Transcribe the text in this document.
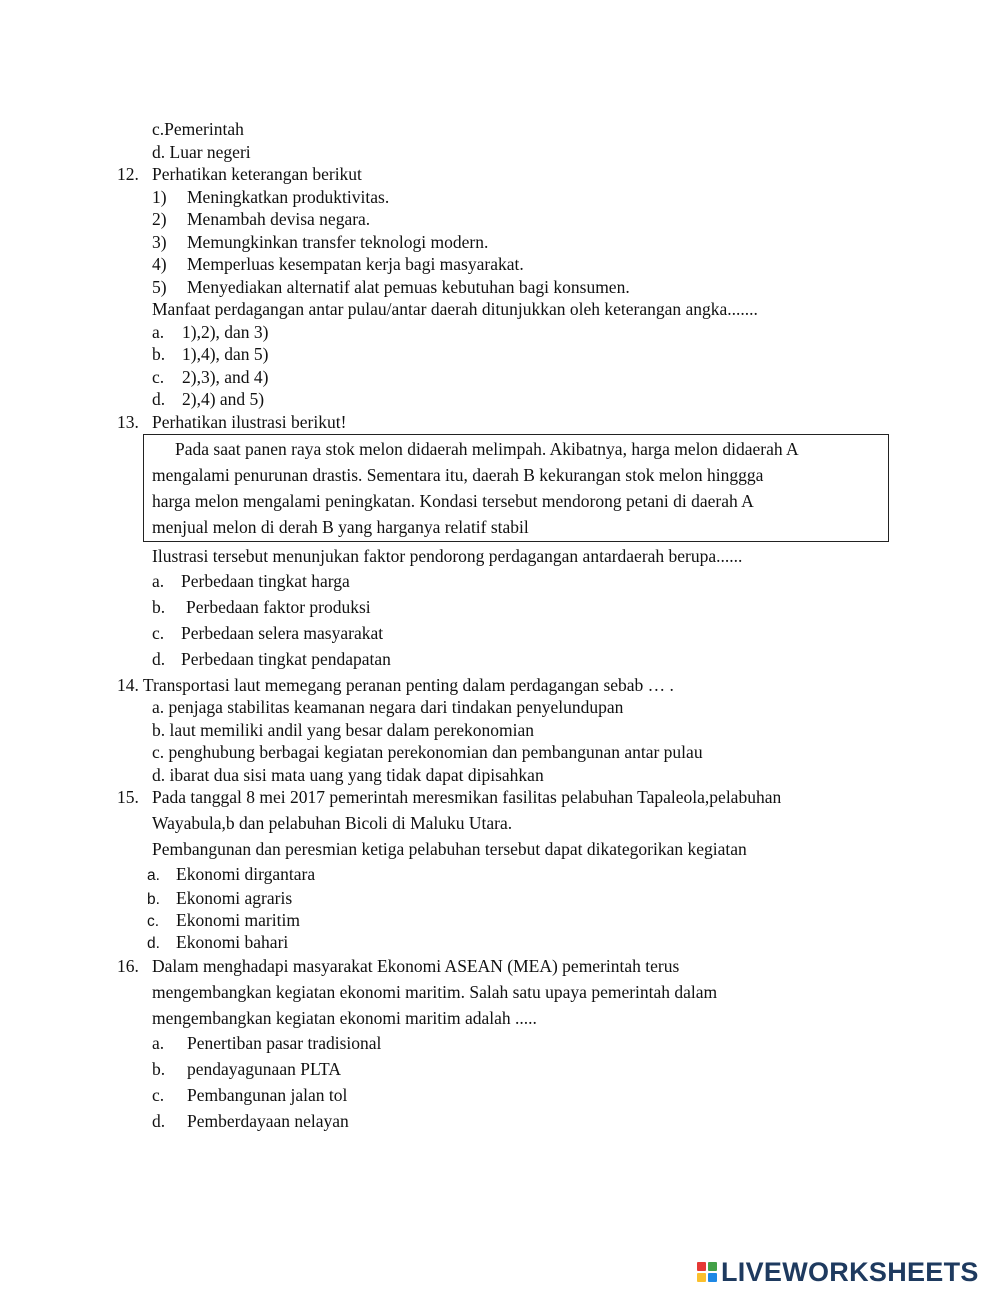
c.Pemerintah
d. Luar negeri
12. Perhatikan keterangan berikut
1) Meningkatkan produktivitas.
2) Menambah devisa negara.
3) Memungkinkan transfer teknologi modern.
4) Memperluas kesempatan kerja bagi masyarakat.
5) Menyediakan alternatif alat pemuas kebutuhan bagi konsumen.
Manfaat perdagangan antar pulau/antar daerah ditunjukkan oleh keterangan angka.......
a. 1),2), dan 3)
b. 1),4), dan 5)
c. 2),3), and 4)
d. 2),4) and 5)
13. Perhatikan ilustrasi berikut!
Pada saat panen raya stok melon didaerah melimpah. Akibatnya, harga melon didaerah A
mengalami penurunan drastis. Sementara itu, daerah B kekurangan stok melon hinggga
harga melon mengalami peningkatan. Kondasi tersebut mendorong petani di daerah A
menjual melon di derah B yang harganya relatif stabil
Ilustrasi tersebut menunjukan faktor pendorong perdagangan antardaerah berupa......
a. Perbedaan tingkat harga
b. Perbedaan faktor produksi
c. Perbedaan selera masyarakat
d. Perbedaan tingkat pendapatan
14. Transportasi laut memegang peranan penting dalam perdagangan sebab … .
a. penjaga stabilitas keamanan negara dari tindakan penyelundupan
b. laut memiliki andil yang besar dalam perekonomian
c. penghubung berbagai kegiatan perekonomian dan pembangunan antar pulau
d. ibarat dua sisi mata uang yang tidak dapat dipisahkan
15. Pada tanggal 8 mei 2017 pemerintah meresmikan fasilitas pelabuhan Tapaleola,pelabuhan
Wayabula,b dan pelabuhan Bicoli di Maluku Utara.
Pembangunan dan peresmian ketiga pelabuhan tersebut dapat dikategorikan kegiatan
a. Ekonomi dirgantara
b. Ekonomi agraris
c. Ekonomi maritim
d. Ekonomi bahari
16. Dalam menghadapi masyarakat Ekonomi ASEAN (MEA) pemerintah terus
mengembangkan kegiatan ekonomi maritim. Salah satu upaya pemerintah dalam
mengembangkan kegiatan ekonomi maritim adalah .....
a. Penertiban pasar tradisional
b. pendayagunaan PLTA
c. Pembangunan jalan tol
d. Pemberdayaan nelayan
LIVEWORKSHEETS
